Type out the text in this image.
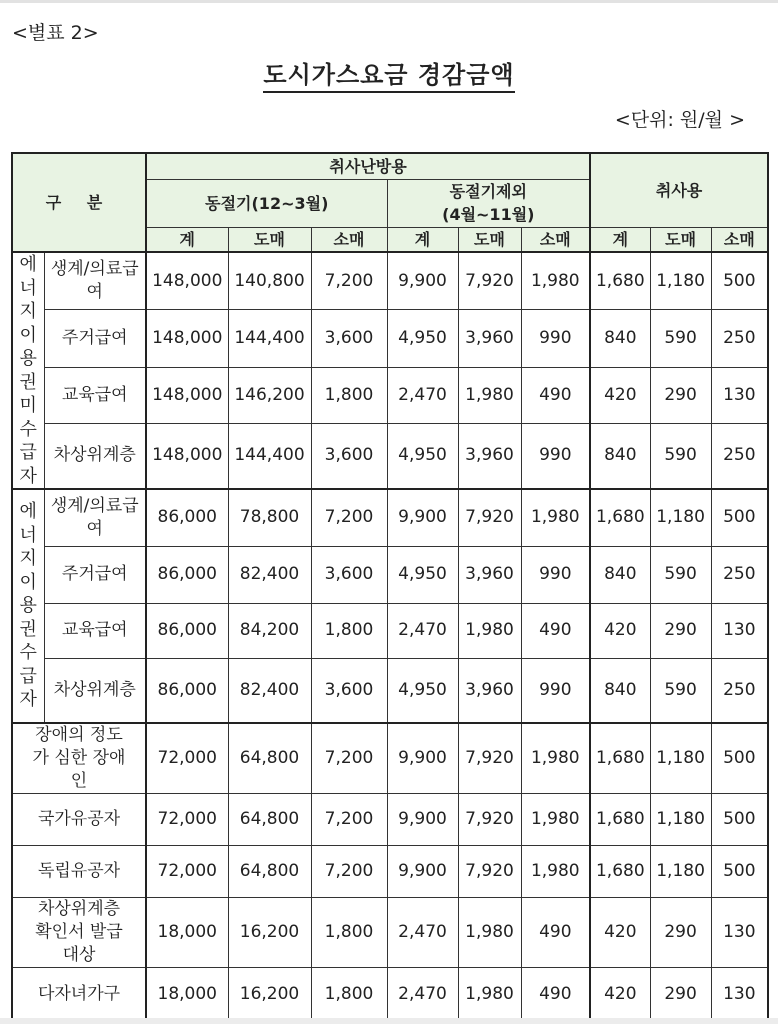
<별표 2>
도시가스요금 경감금액
<단위: 원/월 >
구 분		취사난방용						취사용		
		동절기(12~3월)			동절기제외
(4월~11월)					
		계	도매	소매	계	도매	소매	계	도매	소매
에너지이용권미수급자	생계/의료급여	148,000	140,800	7,200	9,900	7,920	1,980	1,680	1,180	500
	주거급여	148,000	144,400	3,600	4,950	3,960	990	840	590	250
	교육급여	148,000	146,200	1,800	2,470	1,980	490	420	290	130
	차상위계층	148,000	144,400	3,600	4,950	3,960	990	840	590	250
에너지이용권수급자	생계/의료급여	86,000	78,800	7,200	9,900	7,920	1,980	1,680	1,180	500
	주거급여	86,000	82,400	3,600	4,950	3,960	990	840	590	250
	교육급여	86,000	84,200	1,800	2,470	1,980	490	420	290	130
	차상위계층	86,000	82,400	3,600	4,950	3,960	990	840	590	250
장애의 정도가 심한 장애인		72,000	64,800	7,200	9,900	7,920	1,980	1,680	1,180	500
국가유공자		72,000	64,800	7,200	9,900	7,920	1,980	1,680	1,180	500
독립유공자		72,000	64,800	7,200	9,900	7,920	1,980	1,680	1,180	500
차상위계층 확인서 발급대상		18,000	16,200	1,800	2,470	1,980	490	420	290	130
다자녀가구		18,000	16,200	1,800	2,470	1,980	490	420	290	130
